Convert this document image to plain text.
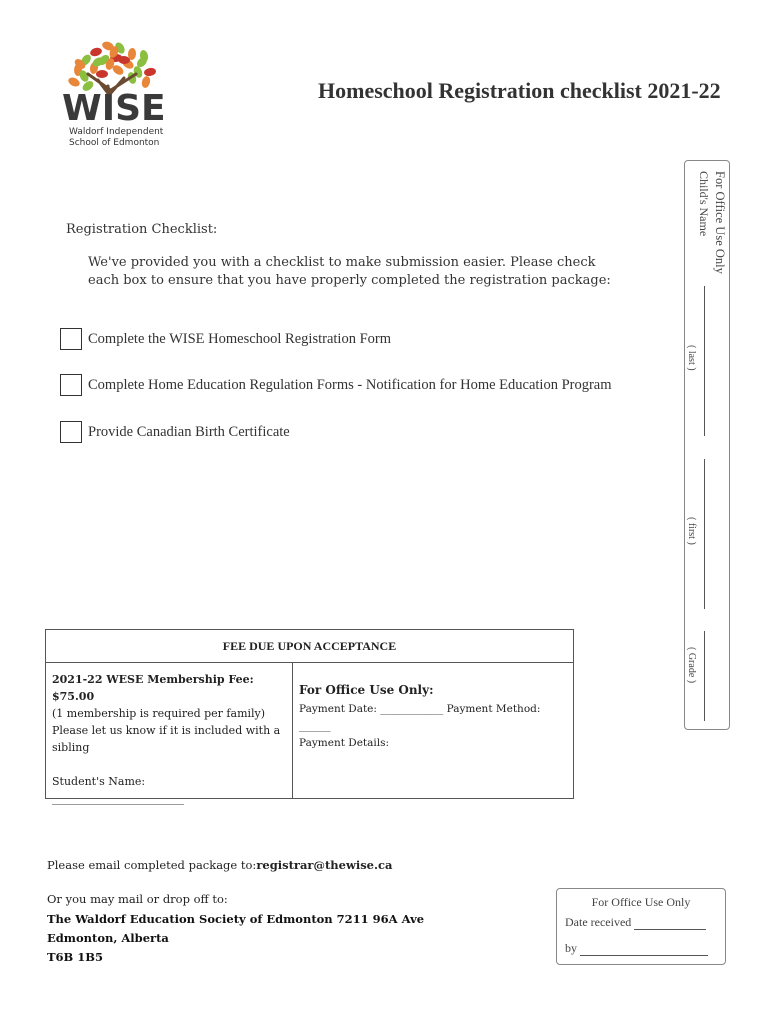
WISE
Waldorf Independent
School of Edmonton
Homeschool Registration checklist 2021-22
Registration Checklist:
We've provided you with a checklist to make submission easier. Please check each box to ensure that you have properly completed the registration package:
Complete the WISE Homeschool Registration Form
Complete Home Education Regulation Forms - Notification for Home Education Program
Provide Canadian Birth Certificate
For Office Use Only
Child's Name
( last )
( first )
( Grade )
FEE DUE UPON ACCEPTANCE
2021-22 WESE Membership Fee: $75.00
(1 membership is required per family)
Please let us know if it is included with a sibling
Student's Name:
________________________
For Office Use Only:
Payment Date: ____________ Payment Method: ______
Payment Details:
Please email completed package to:registrar@thewise.ca
Or you may mail or drop off to:
The Waldorf Education Society of Edmonton 7211 96A Ave
Edmonton, Alberta
T6B 1B5
For Office Use Only
Date received
by
